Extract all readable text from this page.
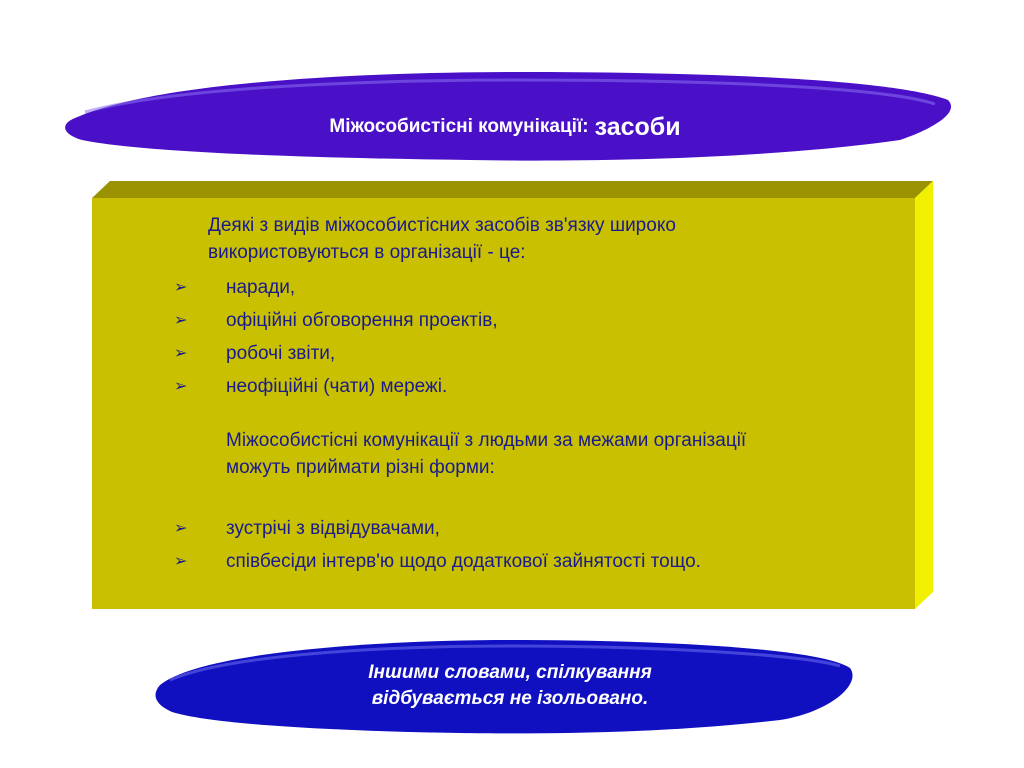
Міжособистісні комунікації: засоби
Деякі з видів міжособистісних засобів зв'язку широко
використовуються в організації - це:
➢ наради,
➢ офіційні обговорення проектів,
➢ робочі звіти,
➢ неофіційні (чати) мережі.
Міжособистісні комунікації з людьми за межами організації
можуть приймати різні форми:
➢ зустрічі з відвідувачами,
➢ співбесіди інтерв'ю щодо додаткової зайнятості тощо.
Іншими словами, спілкування
відбувається не ізольовано.
